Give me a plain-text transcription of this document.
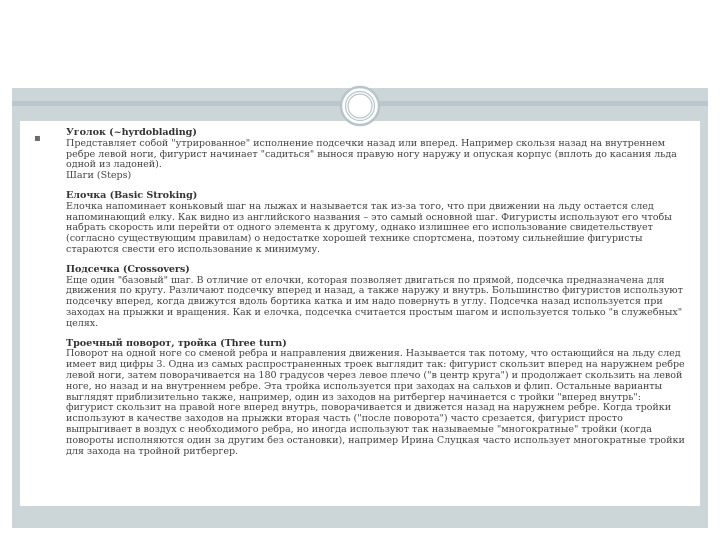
▪

Уголок (~hyrdoblading)

Представляет собой "утрированное" исполнение подсечки назад или вперед. Например скользя назад на внутреннем ребре левой ноги, фигурист начинает "садиться" вынося правую ногу наружу и опуская корпус (вплоть до касания льда одной из ладоней).

Шаги (Steps)

Елочка (Basic Stroking)

Елочка напоминает коньковый шаг на лыжах и называется так из-за того, что при движении на льду остается след напоминающий елку. Как видно из английского названия – это самый основной шаг. Фигуристы используют его чтобы набрать скорость или перейти от одного элемента к другому, однако излишнее его использование свидетельствует (согласно существующим правилам) о недостатке хорошей технике спортсмена, поэтому сильнейшие фигуристы стараются свести его использование к минимуму.

Подсечка (Crossovers)

Еще один "базовый" шаг. В отличие от елочки, которая позволяет двигаться по прямой, подсечка предназначена для движения по кругу. Различают подсечку вперед и назад, а также наружу и внутрь. Большинство фигуристов используют подсечку вперед, когда движутся вдоль бортика катка и им надо повернуть в углу. Подсечка назад используется при заходах на прыжки и вращения. Как и елочка, подсечка считается простым шагом и используется только "в служебных" целях.

Троечный поворот, тройка (Three turn)

Поворот на одной ноге со сменой ребра и направления движения. Называется так потому, что остающийся на льду след имеет вид цифры 3. Одна из самых распространенных троек выглядит так: фигурист скользит вперед на наружнем ребре левой ноги, затем поворачивается на 180 градусов через левое плечо ("в центр круга") и продолжает скользить на левой ноге, но назад и на внутреннем ребре. Эта тройка используется при заходах на сальхов и флип. Остальные варианты выглядят приблизительно также, например, один из заходов на ритбергер начинается с тройки "вперед внутрь": фигурист скользит на правой ноге вперед внутрь, поворачивается и движется назад на наружнем ребре. Когда тройки используют в качестве заходов на прыжки вторая часть ("после поворота") часто срезается, фигурист просто выпрыгивает в воздух с необходимого ребра, но иногда используют так называемые "многократные" тройки (когда повороты исполняются один за другим без остановки), например Ирина Слуцкая часто использует многократные тройки для захода на тройной ритбергер.
